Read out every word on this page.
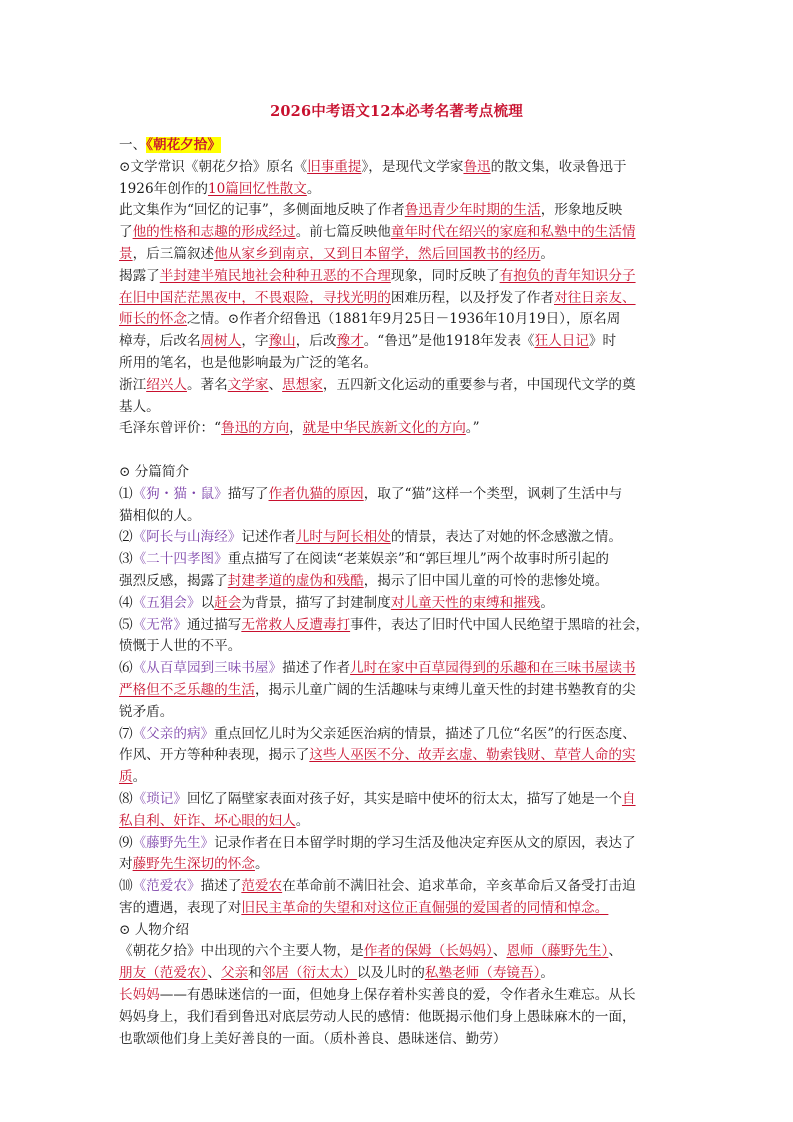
2026中考语文12本必考名著考点梳理
一、《朝花夕拾》
⊙文学常识《朝花夕拾》原名《旧事重提》，是现代文学家鲁迅的散文集，收录鲁迅于
1926年创作的10篇回忆性散文。
此文集作为“回忆的记事”，多侧面地反映了作者鲁迅青少年时期的生活，形象地反映
了他的性格和志趣的形成经过。前七篇反映他童年时代在绍兴的家庭和私塾中的生活情
景，后三篇叙述他从家乡到南京，又到日本留学，然后回国教书的经历。
揭露了半封建半殖民地社会种种丑恶的不合理现象，同时反映了有抱负的青年知识分子
在旧中国茫茫黑夜中，不畏艰险，寻找光明的困难历程，以及抒发了作者对往日亲友、
师长的怀念之情。⊙作者介绍鲁迅（1881年9月25日－1936年10月19日），原名周
樟寿，后改名周树人，字豫山，后改豫才。“鲁迅”是他1918年发表《狂人日记》时
所用的笔名，也是他影响最为广泛的笔名。
浙江绍兴人。著名文学家、思想家，五四新文化运动的重要参与者，中国现代文学的奠
基人。
毛泽东曾评价：“鲁迅的方向，就是中华民族新文化的方向。”
⊙ 分篇简介
⑴《狗・猫・鼠》描写了作者仇猫的原因，取了“猫”这样一个类型，讽刺了生活中与
猫相似的人。
⑵《阿长与山海经》记述作者儿时与阿长相处的情景，表达了对她的怀念感激之情。
⑶《二十四孝图》重点描写了在阅读“老莱娱亲”和“郭巨埋儿”两个故事时所引起的
强烈反感，揭露了封建孝道的虚伪和残酷，揭示了旧中国儿童的可怜的悲惨处境。
⑷《五猖会》以赶会为背景，描写了封建制度对儿童天性的束缚和摧残。
⑸《无常》通过描写无常救人反遭毒打事件，表达了旧时代中国人民绝望于黑暗的社会，
愤慨于人世的不平。
⑹《从百草园到三味书屋》描述了作者儿时在家中百草园得到的乐趣和在三味书屋读书
严格但不乏乐趣的生活，揭示儿童广阔的生活趣味与束缚儿童天性的封建书塾教育的尖
锐矛盾。
⑺《父亲的病》重点回忆儿时为父亲延医治病的情景，描述了几位“名医”的行医态度、
作风、开方等种种表现，揭示了这些人巫医不分、故弄玄虚、勒索钱财、草菅人命的实
质。
⑻《琐记》回忆了隔壁家表面对孩子好，其实是暗中使坏的衍太太，描写了她是一个自
私自利、奸诈、坏心眼的妇人。
⑼《藤野先生》记录作者在日本留学时期的学习生活及他决定弃医从文的原因，表达了
对藤野先生深切的怀念。
⑽《范爱农》描述了范爱农在革命前不满旧社会、追求革命，辛亥革命后又备受打击迫
害的遭遇，表现了对旧民主革命的失望和对这位正直倔强的爱国者的同情和悼念。
⊙ 人物介绍
《朝花夕拾》中出现的六个主要人物，是作者的保姆（长妈妈）、恩师（藤野先生）、
朋友（范爱农）、父亲和邻居（衍太太）以及儿时的私塾老师（寿镜吾）。
长妈妈——有愚昧迷信的一面，但她身上保存着朴实善良的爱，令作者永生难忘。从长
妈妈身上，我们看到鲁迅对底层劳动人民的感情：他既揭示他们身上愚昧麻木的一面，
也歌颂他们身上美好善良的一面。（质朴善良、愚昧迷信、勤劳）
